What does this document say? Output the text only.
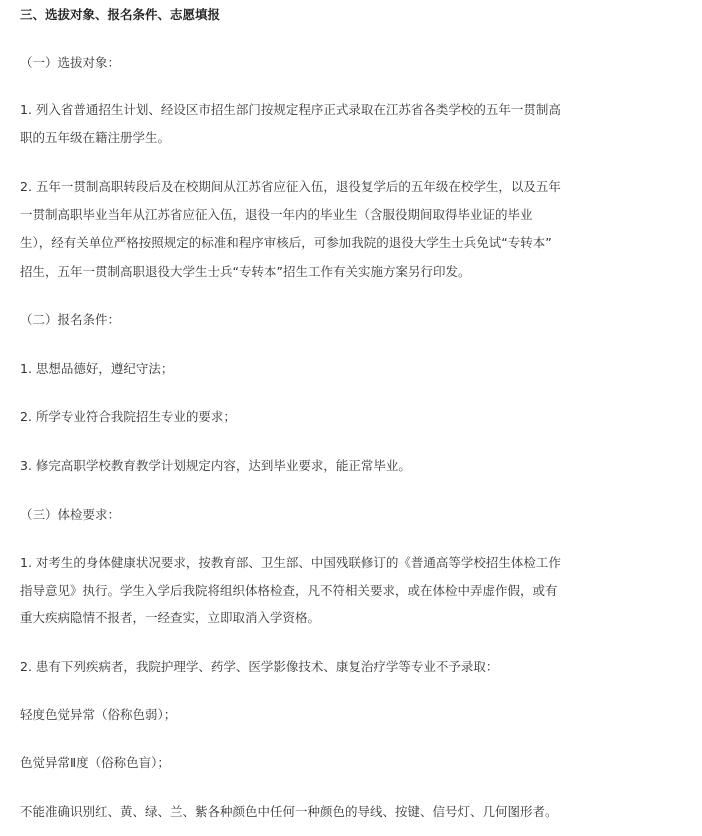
三、选拔对象、报名条件、志愿填报
（一）选拔对象：
1. 列入省普通招生计划、经设区市招生部门按规定程序正式录取在江苏省各类学校的五年一贯制高
职的五年级在籍注册学生。
2. 五年一贯制高职转段后及在校期间从江苏省应征入伍，退役复学后的五年级在校学生，以及五年
一贯制高职毕业当年从江苏省应征入伍，退役一年内的毕业生（含服役期间取得毕业证的毕业
生），经有关单位严格按照规定的标准和程序审核后，可参加我院的退役大学生士兵免试“专转本”
招生，五年一贯制高职退役大学生士兵“专转本”招生工作有关实施方案另行印发。
（二）报名条件：
1. 思想品德好，遵纪守法；
2. 所学专业符合我院招生专业的要求；
3. 修完高职学校教育教学计划规定内容，达到毕业要求，能正常毕业。
（三）体检要求：
1. 对考生的身体健康状况要求，按教育部、卫生部、中国残联修订的《普通高等学校招生体检工作
指导意见》执行。学生入学后我院将组织体格检查，凡不符相关要求，或在体检中弄虚作假，或有
重大疾病隐情不报者，一经查实，立即取消入学资格。
2. 患有下列疾病者，我院护理学、药学、医学影像技术、康复治疗学等专业不予录取：
轻度色觉异常（俗称色弱）；
色觉异常Ⅱ度（俗称色盲）；
不能准确识别红、黄、绿、兰、紫各种颜色中任何一种颜色的导线、按键、信号灯、几何图形者。
